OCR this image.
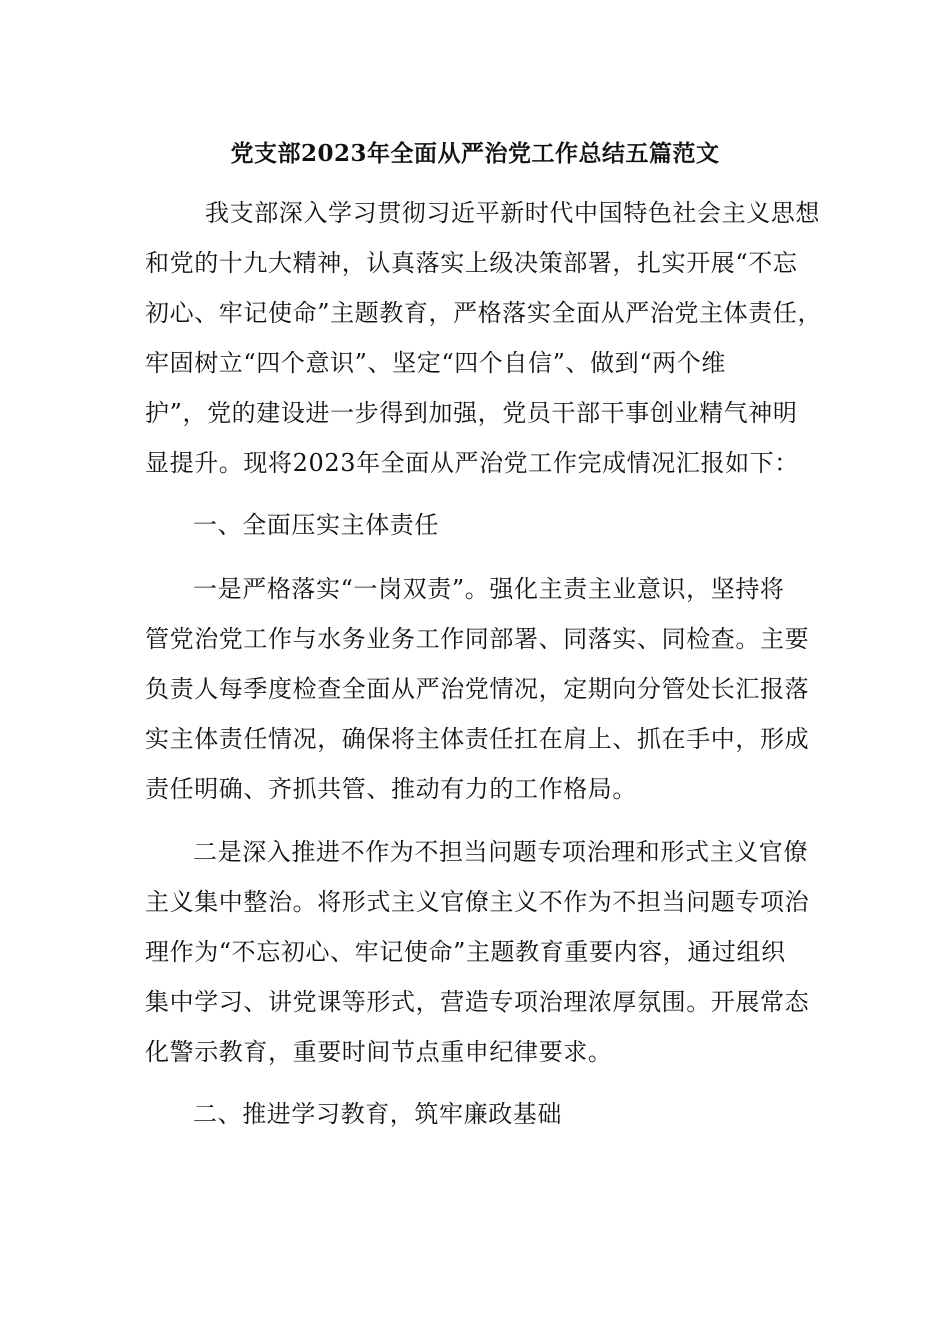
党支部2023年全面从严治党工作总结五篇范文
我支部深入学习贯彻习近平新时代中国特色社会主义思想
和党的十九大精神，认真落实上级决策部署，扎实开展“不忘
初心、牢记使命”主题教育，严格落实全面从严治党主体责任，
牢固树立“四个意识”、坚定“四个自信”、做到“两个维
护”，党的建设进一步得到加强，党员干部干事创业精气神明
显提升。现将2023年全面从严治党工作完成情况汇报如下：
一、全面压实主体责任
一是严格落实“一岗双责”。强化主责主业意识，坚持将
管党治党工作与水务业务工作同部署、同落实、同检查。主要
负责人每季度检查全面从严治党情况，定期向分管处长汇报落
实主体责任情况，确保将主体责任扛在肩上、抓在手中，形成
责任明确、齐抓共管、推动有力的工作格局。
二是深入推进不作为不担当问题专项治理和形式主义官僚
主义集中整治。将形式主义官僚主义不作为不担当问题专项治
理作为“不忘初心、牢记使命”主题教育重要内容，通过组织
集中学习、讲党课等形式，营造专项治理浓厚氛围。开展常态
化警示教育，重要时间节点重申纪律要求。
二、推进学习教育，筑牢廉政基础
